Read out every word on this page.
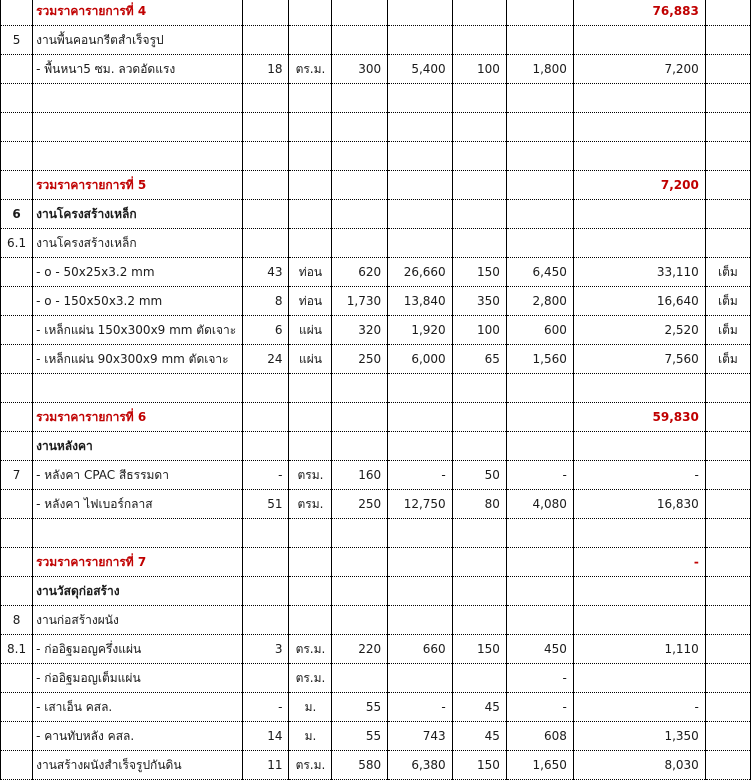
	รวมราคารายการที่ 4							76,883	
5	งานพื้นคอนกรีตสำเร็จรูป								
	- พื้นหนา5 ซม. ลวดอัดแรง	18	ตร.ม.	300	5,400	100	1,800	7,200	

	รวมราคารายการที่ 5							7,200	
6	งานโครงสร้างเหล็ก								
6.1	งานโครงสร้างเหล็ก								
	- o - 50x25x3.2 mm	43	ท่อน	620	26,660	150	6,450	33,110	เต็ม
	- o - 150x50x3.2 mm	8	ท่อน	1,730	13,840	350	2,800	16,640	เต็ม
	- เหล็กแผ่น 150x300x9 mm ตัดเจาะ	6	แผ่น	320	1,920	100	600	2,520	เต็ม
	- เหล็กแผ่น 90x300x9 mm ตัดเจาะ	24	แผ่น	250	6,000	65	1,560	7,560	เต็ม

	รวมราคารายการที่ 6							59,830	
	งานหลังคา								
7	- หลังคา CPAC สีธรรมดา	-	ตรม.	160	-	50	-	-	
	- หลังคา ไฟเบอร์กลาส	51	ตรม.	250	12,750	80	4,080	16,830	

	รวมราคารายการที่ 7							-	
	งานวัสดุก่อสร้าง								
8	งานก่อสร้างผนัง								
8.1	- ก่ออิฐมอญครึ่งแผ่น	3	ตร.ม.	220	660	150	450	1,110	
	- ก่ออิฐมอญเต็มแผ่น		ตร.ม.				-		
	- เสาเอ็น คสล.	-	ม.	55	-	45	-	-	
	- คานทับหลัง คสล.	14	ม.	55	743	45	608	1,350	
	งานสร้างผนังสำเร็จรูปกันดิน	11	ตร.ม.	580	6,380	150	1,650	8,030	
